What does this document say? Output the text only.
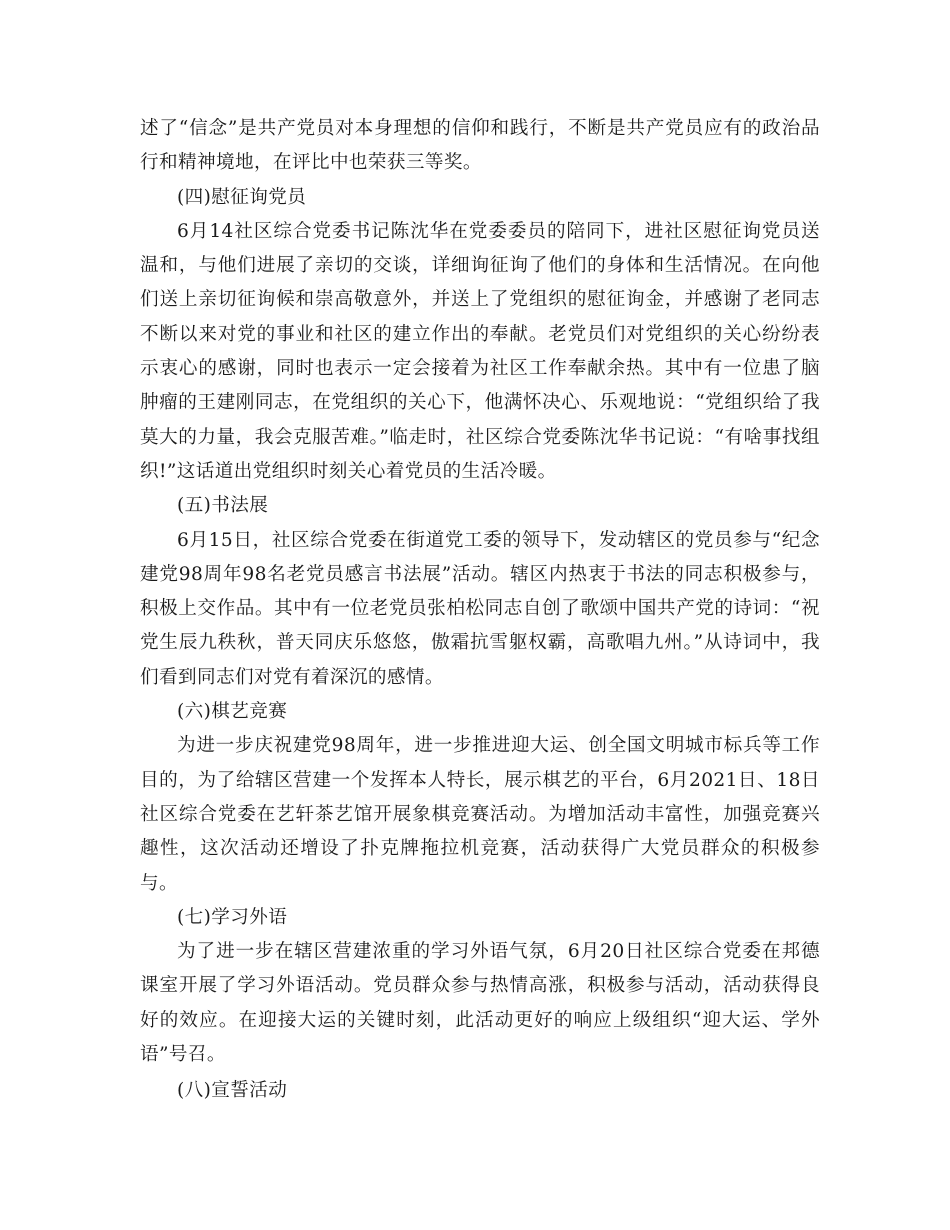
述了“信念”是共产党员对本身理想的信仰和践行，不断是共产党员应有的政治品行和精神境地，在评比中也荣获三等奖。

(四)慰征询党员

6月14社区综合党委书记陈沈华在党委委员的陪同下，进社区慰征询党员送温和，与他们进展了亲切的交谈，详细询征询了他们的身体和生活情况。在向他们送上亲切征询候和崇高敬意外，并送上了党组织的慰征询金，并感谢了老同志不断以来对党的事业和社区的建立作出的奉献。老党员们对党组织的关心纷纷表示衷心的感谢，同时也表示一定会接着为社区工作奉献余热。其中有一位患了脑肿瘤的王建刚同志，在党组织的关心下，他满怀决心、乐观地说：“党组织给了我莫大的力量，我会克服苦难。”临走时，社区综合党委陈沈华书记说：“有啥事找组织!”这话道出党组织时刻关心着党员的生活冷暖。

(五)书法展

6月15日，社区综合党委在街道党工委的领导下，发动辖区的党员参与“纪念建党98周年98名老党员感言书法展”活动。辖区内热衷于书法的同志积极参与，积极上交作品。其中有一位老党员张柏松同志自创了歌颂中国共产党的诗词：“祝党生辰九秩秋，普天同庆乐悠悠，傲霜抗雪躯权霸，高歌唱九州。”从诗词中，我们看到同志们对党有着深沉的感情。

(六)棋艺竞赛

为进一步庆祝建党98周年，进一步推进迎大运、创全国文明城市标兵等工作目的，为了给辖区营建一个发挥本人特长，展示棋艺的平台，6月2021日、18日社区综合党委在艺轩茶艺馆开展象棋竞赛活动。为增加活动丰富性，加强竞赛兴趣性，这次活动还增设了扑克牌拖拉机竞赛，活动获得广大党员群众的积极参与。

(七)学习外语

为了进一步在辖区营建浓重的学习外语气氛，6月20日社区综合党委在邦德课室开展了学习外语活动。党员群众参与热情高涨，积极参与活动，活动获得良好的效应。在迎接大运的关键时刻，此活动更好的响应上级组织“迎大运、学外语”号召。

(八)宣誓活动
